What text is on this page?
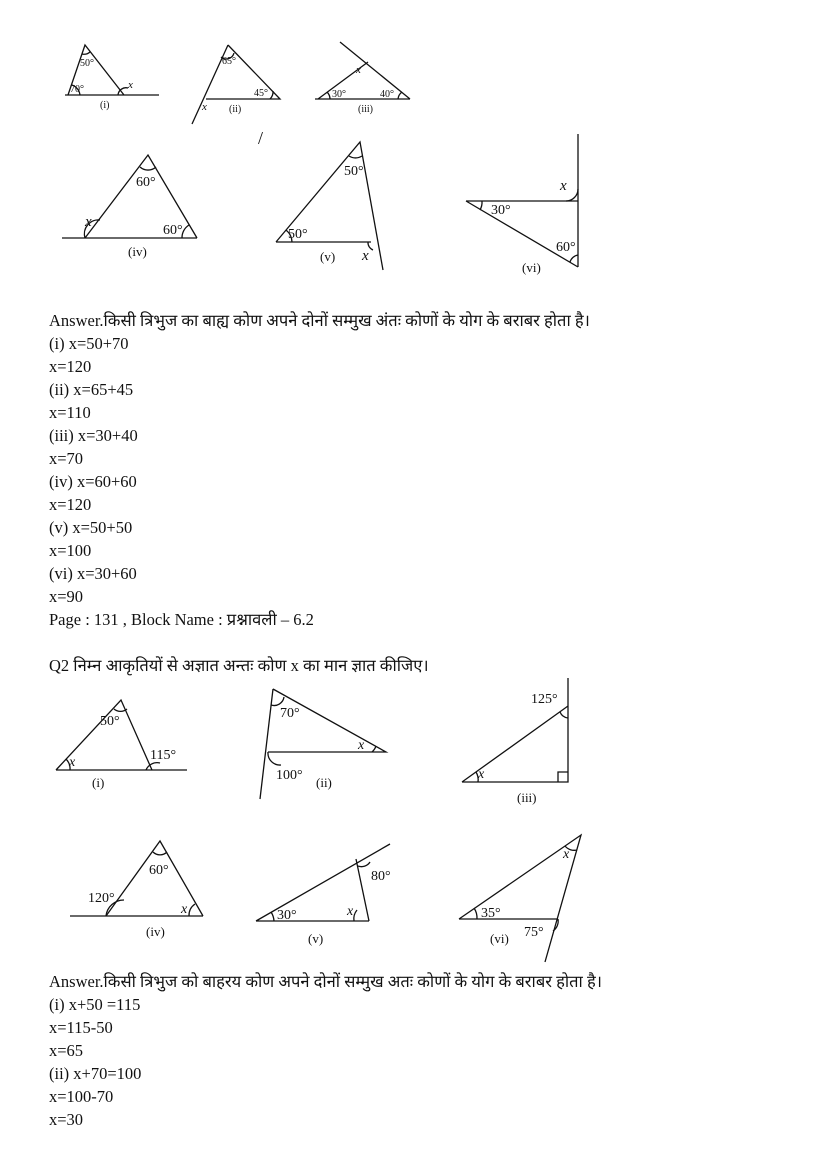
50°
70°	x
(i)
65°
45°
x (ii)
30°	40°
x
(iii)
/
60°
60°
x
(iv)
50°
50°
x
(v)
30°
60°
x
(vi)

Answer.किसी त्रिभुज का बाह्य कोण अपने दोनों सम्मुख अंतः कोणों के योग के बराबर होता है।

(i) x=50+70

x=120

(ii) x=65+45

x=110

(iii) x=30+40

x=70

(iv) x=60+60

x=120

(v) x=50+50

x=100

(vi) x=30+60

x=90

Page : 131 , Block Name : प्रश्नावली – 6.2

Q2 निम्न आकृतियों से अज्ञात अन्तः कोण x का मान ज्ञात कीजिए।

50°
115°
x
(i)
70°
100°
x
(ii)
125°
x
(iii)
60°
120°
x
(iv)
30°
80°
x
(v)
35°
75°
x
(vi)

Answer.किसी त्रिभुज को बाहरय कोण अपने दोनों सम्मुख अतः कोणों के योग के बराबर होता है।

(i) x+50 =115

x=115-50

x=65

(ii) x+70=100

x=100-70

x=30
